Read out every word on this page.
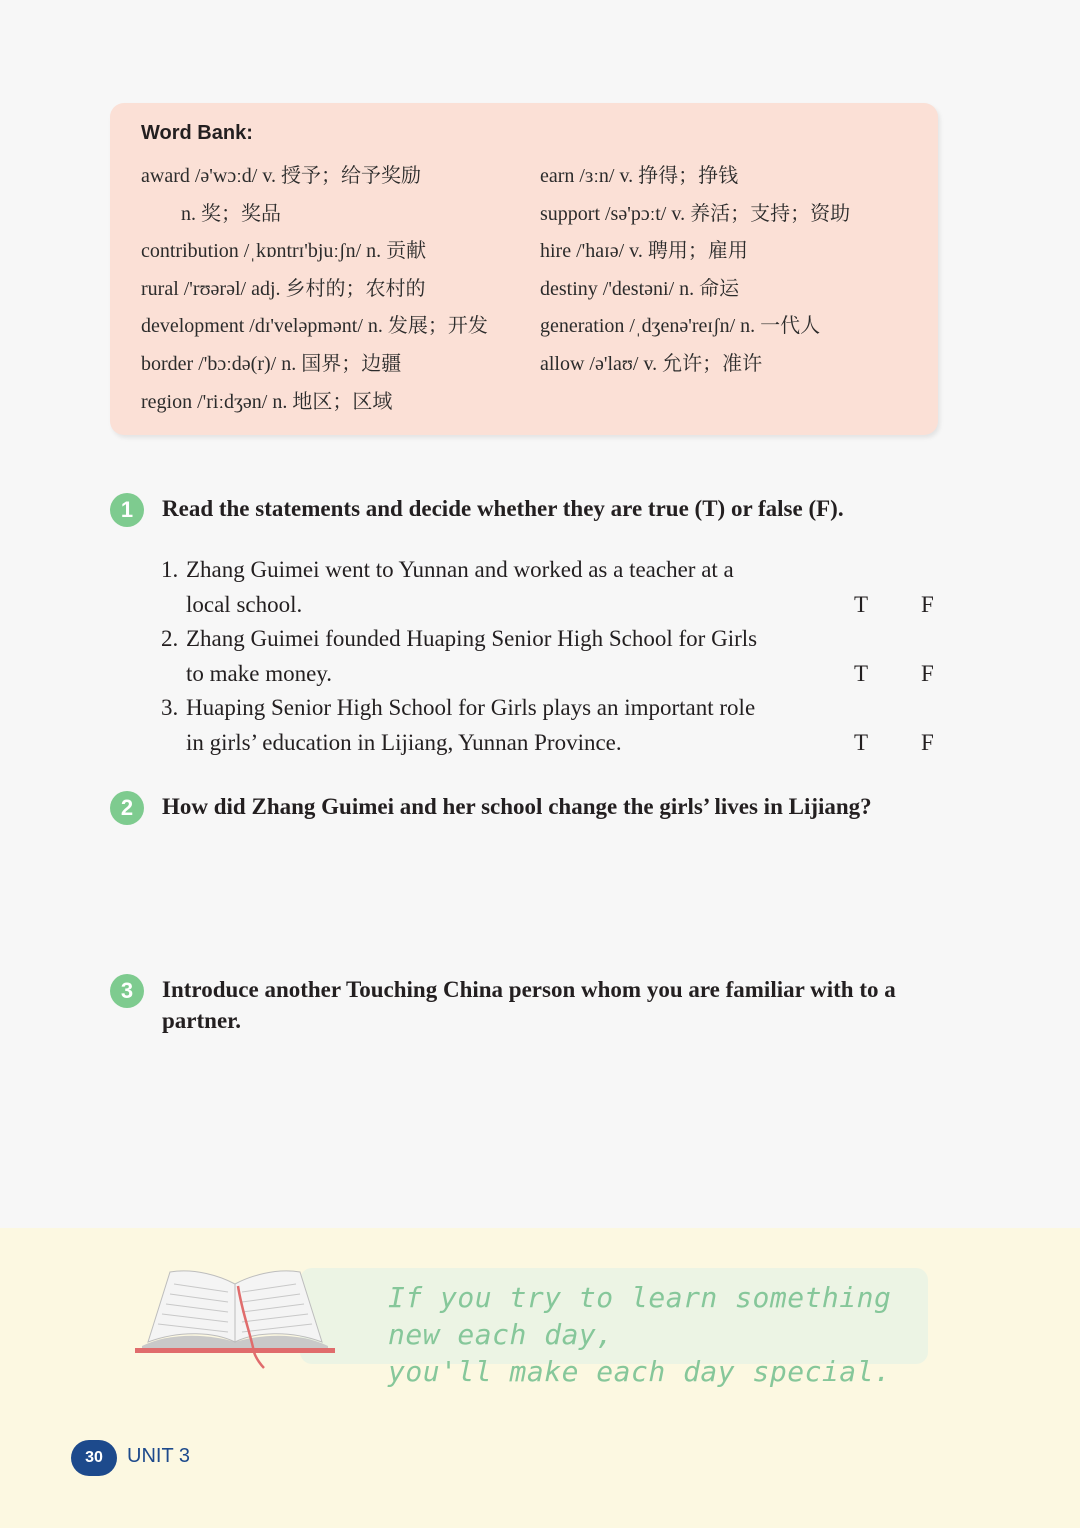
Word Bank:
award /ə'wɔːd/ v. 授予；给予奖励
n. 奖；奖品
contribution /ˌkɒntrɪ'bjuːʃn/ n. 贡献
rural /'rʊərəl/ adj. 乡村的；农村的
development /dɪ'veləpmənt/ n. 发展；开发
border /'bɔːdə(r)/ n. 国界；边疆
region /'riːdʒən/ n. 地区；区域
earn /ɜːn/ v. 挣得；挣钱
support /sə'pɔːt/ v. 养活；支持；资助
hire /'haɪə/ v. 聘用；雇用
destiny /'destəni/ n. 命运
generation /ˌdʒenə'reɪʃn/ n. 一代人
allow /ə'laʊ/ v. 允许；准许
1	Read the statements and decide whether they are true (T) or false (F).
1. Zhang Guimei went to Yunnan and worked as a teacher at a
local school.	T F
2. Zhang Guimei founded Huaping Senior High School for Girls
to make money.	T F
3. Huaping Senior High School for Girls plays an important role
in girls’ education in Lijiang, Yunnan Province.	T F
2	How did Zhang Guimei and her school change the girls’ lives in Lijiang?
3	Introduce another Touching China person whom you are familiar with to a partner.
If you try to learn something new each day,
you'll make each day special.
30	UNIT 3
